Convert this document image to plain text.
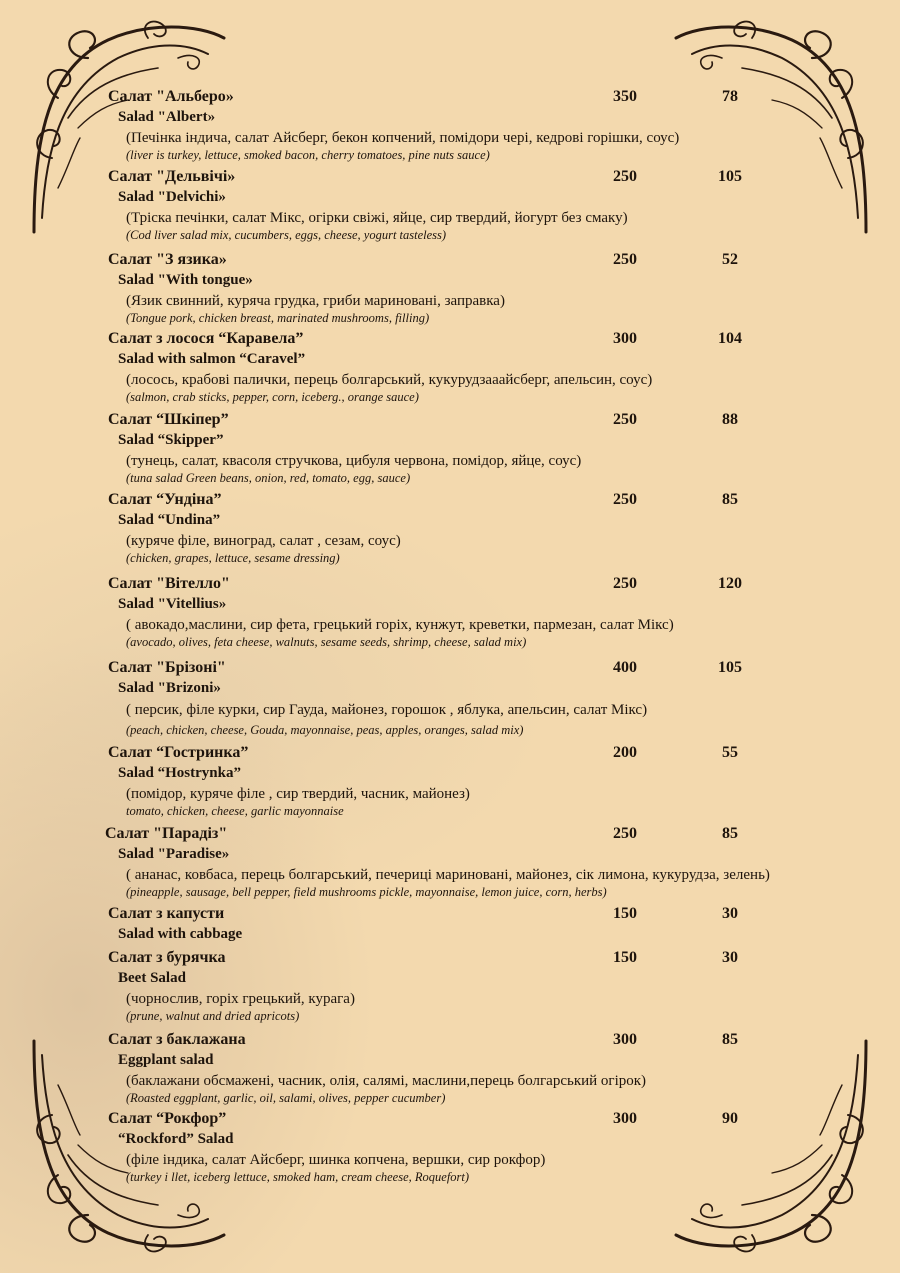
Салат "Альберо»	350	78
Salad "Albert»
(Печінка індича, салат Айсберг, бекон копчений, помідори чері, кедрові горішки, соус)
(liver is turkey, lettuce, smoked bacon, cherry tomatoes, pine nuts sauce)
Салат "Дельвічі»	250	105
Salad "Delvichi»
(Тріска печінки, салат Мікс, огірки свіжі, яйце, сир твердий, йогурт без смаку)
(Cod liver salad mix, cucumbers, eggs, cheese, yogurt tasteless)
Салат "З язика»	250	52
Salad "With tongue»
(Язик свинний, куряча грудка, гриби мариновані, заправка)
(Tongue pork, chicken breast, marinated mushrooms, filling)
Салат з лосося “Каравела”	300	104
Salad with salmon “Caravel”
(лосось, крабові палички, перець болгарський, кукурудзааайсберг, апельсин, соус)
(salmon, crab sticks, pepper, corn, iceberg., orange sauce)
Салат “Шкіпер”	250	88
Salad “Skipper”
(тунець, салат, квасоля стручкова, цибуля червона, помідор, яйце, соус)
(tuna salad Green beans, onion, red, tomato, egg, sauce)
Салат “Ундіна”	250	85
Salad “Undina”
(куряче філе, виноград, салат , сезам, соус)
(chicken, grapes, lettuce, sesame dressing)
Салат "Вітелло"	250	120
Salad "Vitellius»
( авокадо,маслини, сир фета, грецький горіх, кунжут, креветки, пармезан, салат Мікс)
(avocado, olives, feta cheese, walnuts, sesame seeds, shrimp, cheese, salad mix)
Салат "Брізоні"	400	105
Salad "Brizoni»
( персик, філе курки, сир Гауда, майонез, горошок , яблука, апельсин, салат Мікс)
(peach, chicken, cheese, Gouda, mayonnaise, peas, apples, oranges, salad mix)
Салат “Гостринка”	200	55
Salad “Hostrynka”
(помідор, куряче філе , сир твердий, часник, майонез)
tomato, chicken, cheese, garlic mayonnaise
Салат "Парадіз"	250	85
Salad "Paradise»
( ананас, ковбаса, перець болгарський, печериці мариновані, майонез, сік лимона, кукурудза, зелень)
(pineapple, sausage, bell pepper, field mushrooms pickle, mayonnaise, lemon juice, corn, herbs)
Салат з капусти	150	30
Salad with cabbage
Салат з бурячка	150	30
Beet Salad
(чорнослив, горіх грецький, курага)
(prune, walnut and dried apricots)
Салат з баклажана	300	85
Eggplant salad
(баклажани обсмажені, часник, олія, салямі, маслини,перець болгарський огірок)
(Roasted eggplant, garlic, oil, salami, olives, pepper cucumber)
Салат “Рокфор”	300	90
“Rockford” Salad
(філе індика, салат Айсберг, шинка копчена, вершки, сир рокфор)
(turkey i llet, iceberg lettuce, smoked ham, cream cheese, Roquefort)
